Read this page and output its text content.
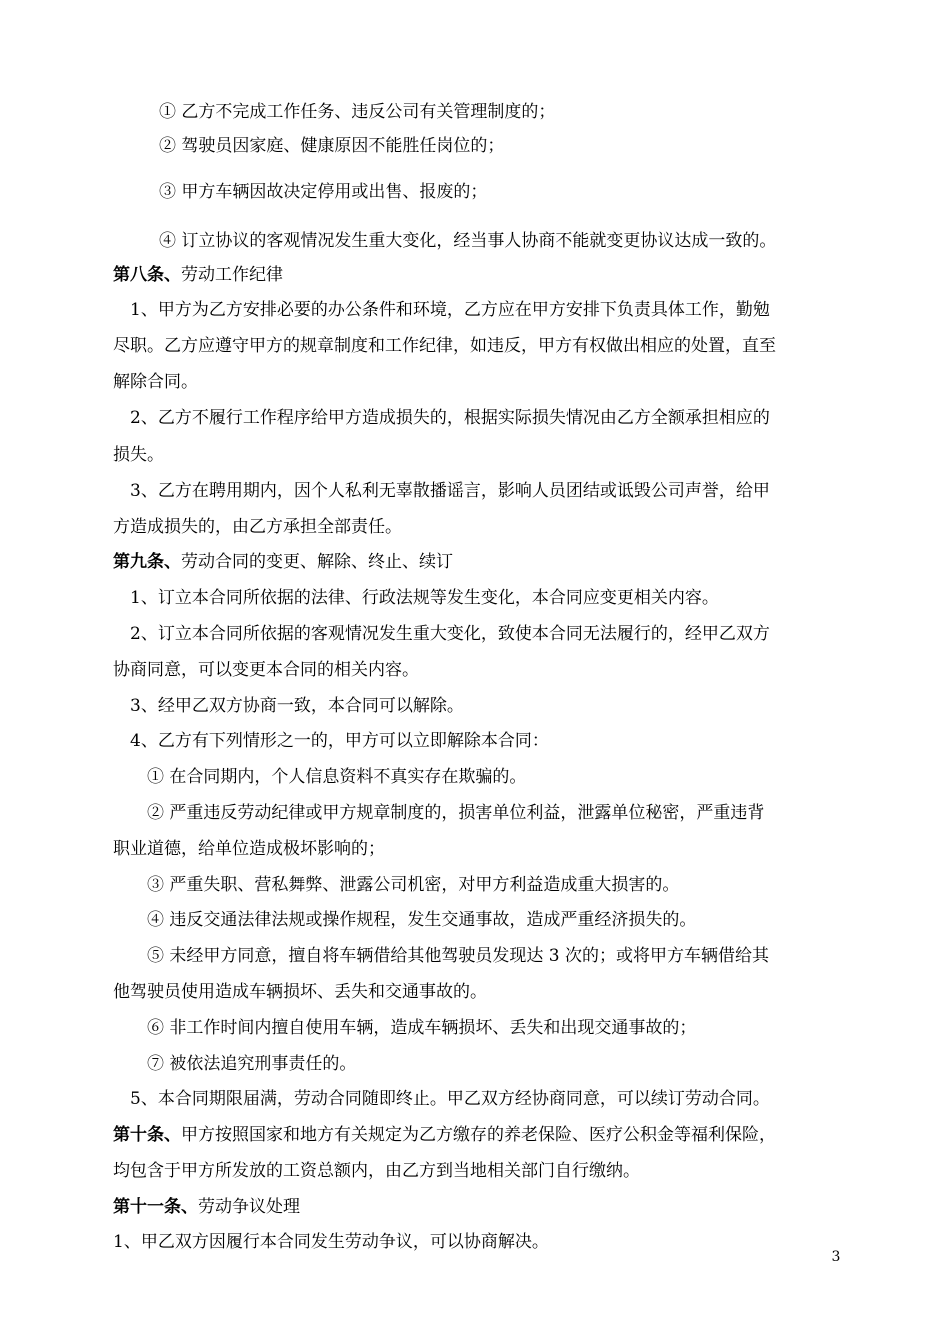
① 乙方不完成工作任务、违反公司有关管理制度的；
② 驾驶员因家庭、健康原因不能胜任岗位的；
③ 甲方车辆因故决定停用或出售、报废的；
④ 订立协议的客观情况发生重大变化，经当事人协商不能就变更协议达成一致的。
第八条、劳动工作纪律
1、甲方为乙方安排必要的办公条件和环境，乙方应在甲方安排下负责具体工作，勤勉
尽职。乙方应遵守甲方的规章制度和工作纪律，如违反，甲方有权做出相应的处置，直至
解除合同。
2、乙方不履行工作程序给甲方造成损失的，根据实际损失情况由乙方全额承担相应的
损失。
3、乙方在聘用期内，因个人私利无辜散播谣言，影响人员团结或诋毁公司声誉，给甲
方造成损失的，由乙方承担全部责任。
第九条、劳动合同的变更、解除、终止、续订
1、订立本合同所依据的法律、行政法规等发生变化，本合同应变更相关内容。
2、订立本合同所依据的客观情况发生重大变化，致使本合同无法履行的，经甲乙双方
协商同意，可以变更本合同的相关内容。
3、经甲乙双方协商一致，本合同可以解除。
4、乙方有下列情形之一的，甲方可以立即解除本合同：
① 在合同期内，个人信息资料不真实存在欺骗的。
② 严重违反劳动纪律或甲方规章制度的，损害单位利益，泄露单位秘密，严重违背
职业道德，给单位造成极坏影响的；
③ 严重失职、营私舞弊、泄露公司机密，对甲方利益造成重大损害的。
④ 违反交通法律法规或操作规程，发生交通事故，造成严重经济损失的。
⑤ 未经甲方同意，擅自将车辆借给其他驾驶员发现达 3 次的；或将甲方车辆借给其
他驾驶员使用造成车辆损坏、丢失和交通事故的。
⑥ 非工作时间内擅自使用车辆，造成车辆损坏、丢失和出现交通事故的；
⑦ 被依法追究刑事责任的。
5、本合同期限届满，劳动合同随即终止。甲乙双方经协商同意，可以续订劳动合同。
第十条、甲方按照国家和地方有关规定为乙方缴存的养老保险、医疗公积金等福利保险，
均包含于甲方所发放的工资总额内，由乙方到当地相关部门自行缴纳。
第十一条、劳动争议处理
1、甲乙双方因履行本合同发生劳动争议，可以协商解决。
3
